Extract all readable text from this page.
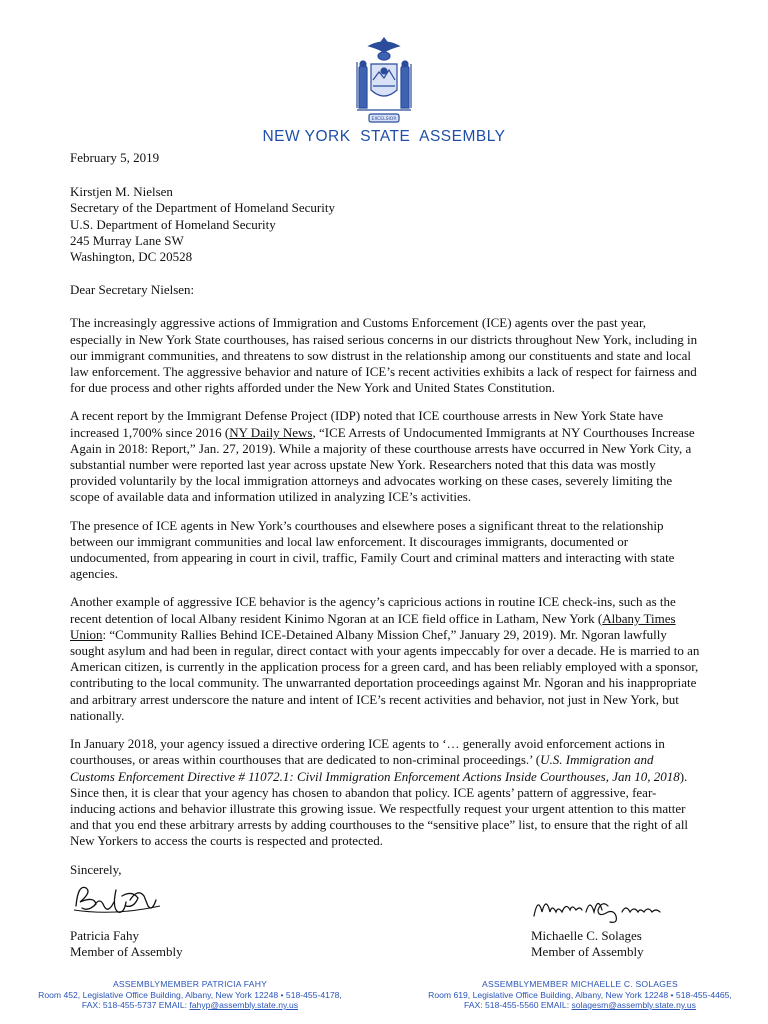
EXCELSIOR
NEW YORK  STATE  ASSEMBLY
February 5, 2019
Kirstjen M. Nielsen
Secretary of the Department of Homeland Security
U.S. Department of Homeland Security
245 Murray Lane SW
Washington, DC 20528
Dear Secretary Nielsen:

The increasingly aggressive actions of Immigration and Customs Enforcement (ICE) agents over the past year, especially in New York State courthouses, has raised serious concerns in our districts throughout New York, including in our immigrant communities, and threatens to sow distrust in the relationship among our constituents and state and local law enforcement. The aggressive behavior and nature of ICE’s recent activities exhibits a lack of respect for fairness and for due process and other rights afforded under the New York and United States Constitution.

A recent report by the Immigrant Defense Project (IDP) noted that ICE courthouse arrests in New York State have increased 1,700% since 2016 (NY Daily News, “ICE Arrests of Undocumented Immigrants at NY Courthouses Increase Again in 2018: Report,” Jan. 27, 2019). While a majority of these courthouse arrests have occurred in New York City, a substantial number were reported last year across upstate New York. Researchers noted that this data was mostly provided voluntarily by the local immigration attorneys and advocates working on these cases, severely limiting the scope of available data and information utilized in analyzing ICE’s activities.

The presence of ICE agents in New York’s courthouses and elsewhere poses a significant threat to the relationship between our immigrant communities and local law enforcement. It discourages immigrants, documented or undocumented, from appearing in court in civil, traffic, Family Court and criminal matters and interacting with state agencies.

Another example of aggressive ICE behavior is the agency’s capricious actions in routine ICE check-ins, such as the recent detention of local Albany resident Kinimo Ngoran at an ICE field office in Latham, New York (Albany Times Union: “Community Rallies Behind ICE-Detained Albany Mission Chef,” January 29, 2019). Mr. Ngoran lawfully sought asylum and had been in regular, direct contact with your agents impeccably for over a decade. He is married to an American citizen, is currently in the application process for a green card, and has been reliably employed with a sponsor, contributing to the local community. The unwarranted deportation proceedings against Mr. Ngoran and his inappropriate and arbitrary arrest underscore the nature and intent of ICE’s recent activities and behavior, not just in New York, but nationally.

In January 2018, your agency issued a directive ordering ICE agents to ‘… generally avoid enforcement actions in courthouses, or areas within courthouses that are dedicated to non-criminal proceedings.’ (U.S. Immigration and Customs Enforcement Directive # 11072.1: Civil Immigration Enforcement Actions Inside Courthouses, Jan 10, 2018). Since then, it is clear that your agency has chosen to abandon that policy. ICE agents’ pattern of aggressive, fear-inducing actions and behavior illustrate this growing issue. We respectfully request your urgent attention to this matter and that you end these arbitrary arrests by adding courthouses to the “sensitive place” list, to ensure that the right of all New Yorkers to access the courts is respected and protected.

Sincerely,
Patricia Fahy
Member of Assembly
Michaelle C. Solages
Member of Assembly
ASSEMBLYMEMBER PATRICIA FAHY
Room 452, Legislative Office Building, Albany, New York 12248 • 518-455-4178,
FAX: 518-455-5737 EMAIL: fahyp@assembly.state.ny.us
ASSEMBLYMEMBER MICHAELLE C. SOLAGES
Room 619, Legislative Office Building, Albany, New York 12248 • 518-455-4465,
FAX: 518-455-5560 EMAIL: solagesm@assembly.state.ny.us
